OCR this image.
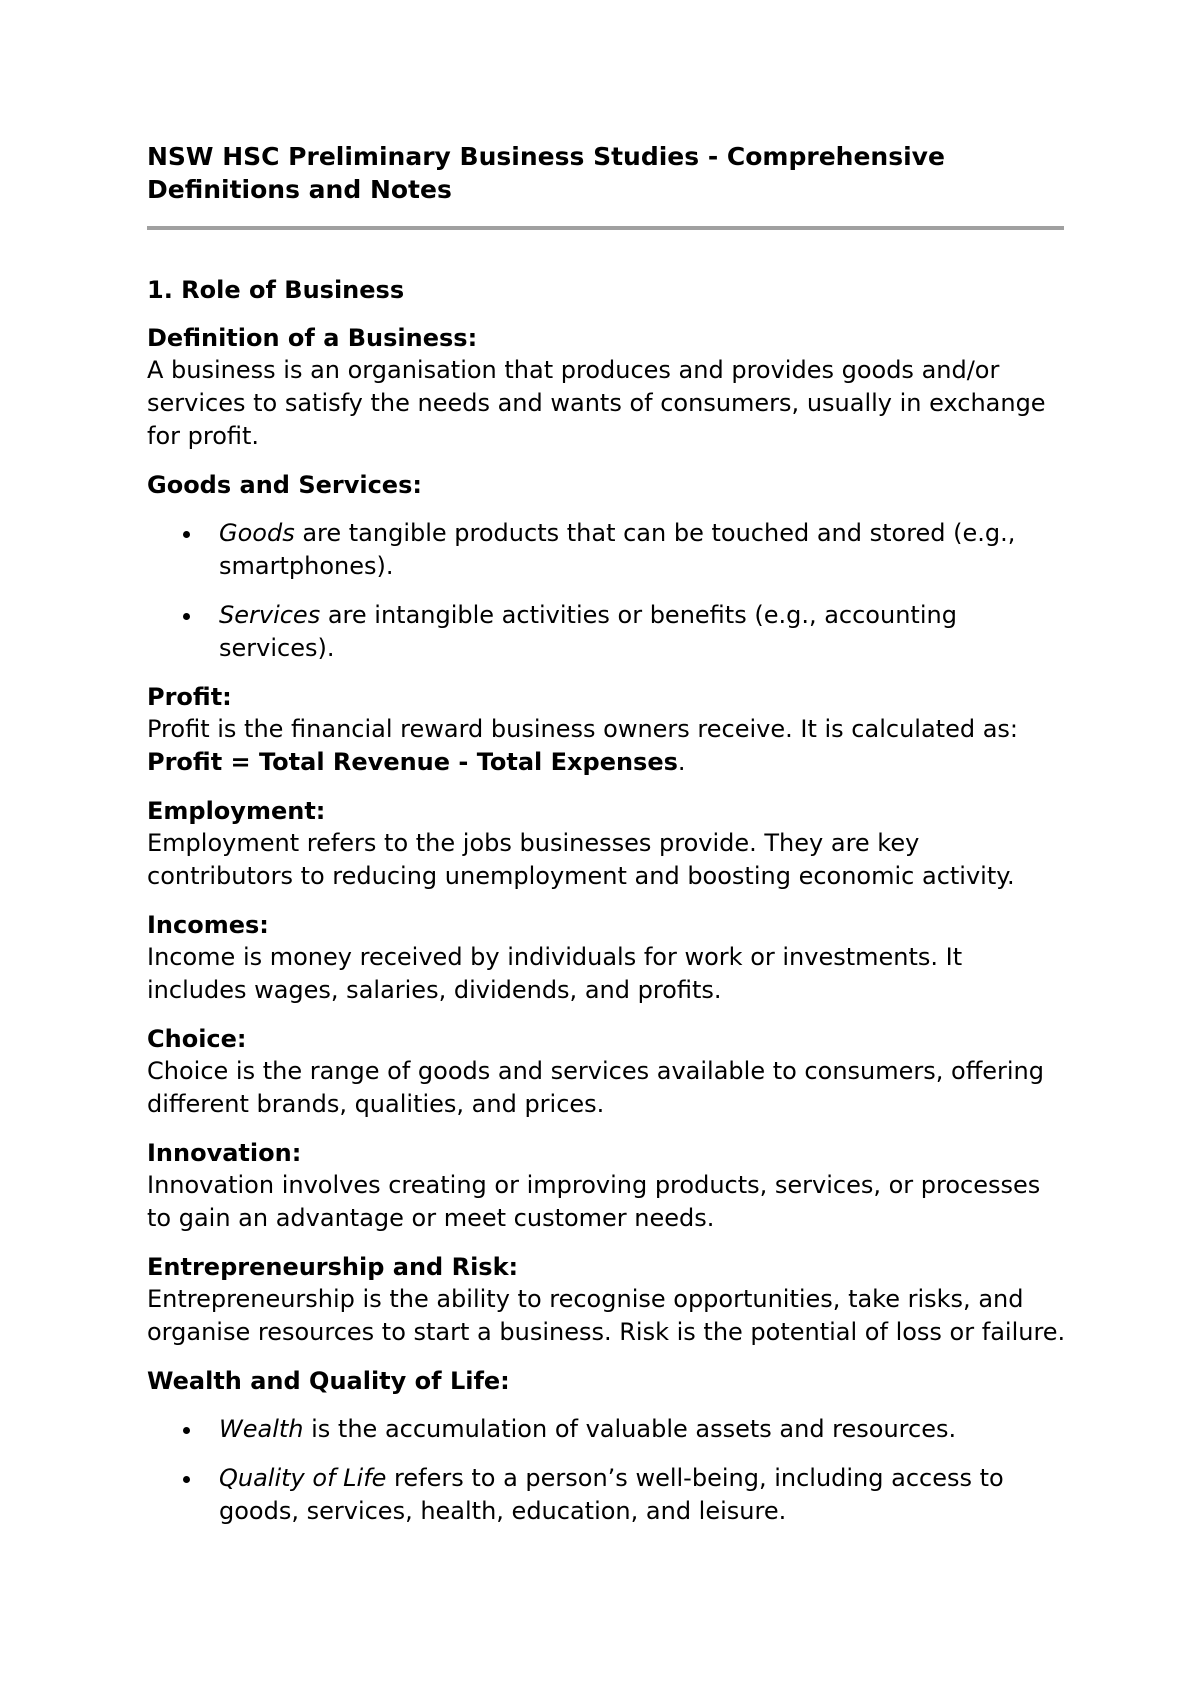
NSW HSC Preliminary Business Studies - Comprehensive Definitions and Notes
1. Role of Business
Definition of a Business:
A business is an organisation that produces and provides goods and/or services to satisfy the needs and wants of consumers, usually in exchange for profit.
Goods and Services:
Goods are tangible products that can be touched and stored (e.g., smartphones).
Services are intangible activities or benefits (e.g., accounting services).
Profit:
Profit is the financial reward business owners receive. It is calculated as:
Profit = Total Revenue - Total Expenses.
Employment:
Employment refers to the jobs businesses provide. They are key contributors to reducing unemployment and boosting economic activity.
Incomes:
Income is money received by individuals for work or investments. It includes wages, salaries, dividends, and profits.
Choice:
Choice is the range of goods and services available to consumers, offering different brands, qualities, and prices.
Innovation:
Innovation involves creating or improving products, services, or processes to gain an advantage or meet customer needs.
Entrepreneurship and Risk:
Entrepreneurship is the ability to recognise opportunities, take risks, and organise resources to start a business. Risk is the potential of loss or failure.
Wealth and Quality of Life:
Wealth is the accumulation of valuable assets and resources.
Quality of Life refers to a person’s well-being, including access to goods, services, health, education, and leisure.
